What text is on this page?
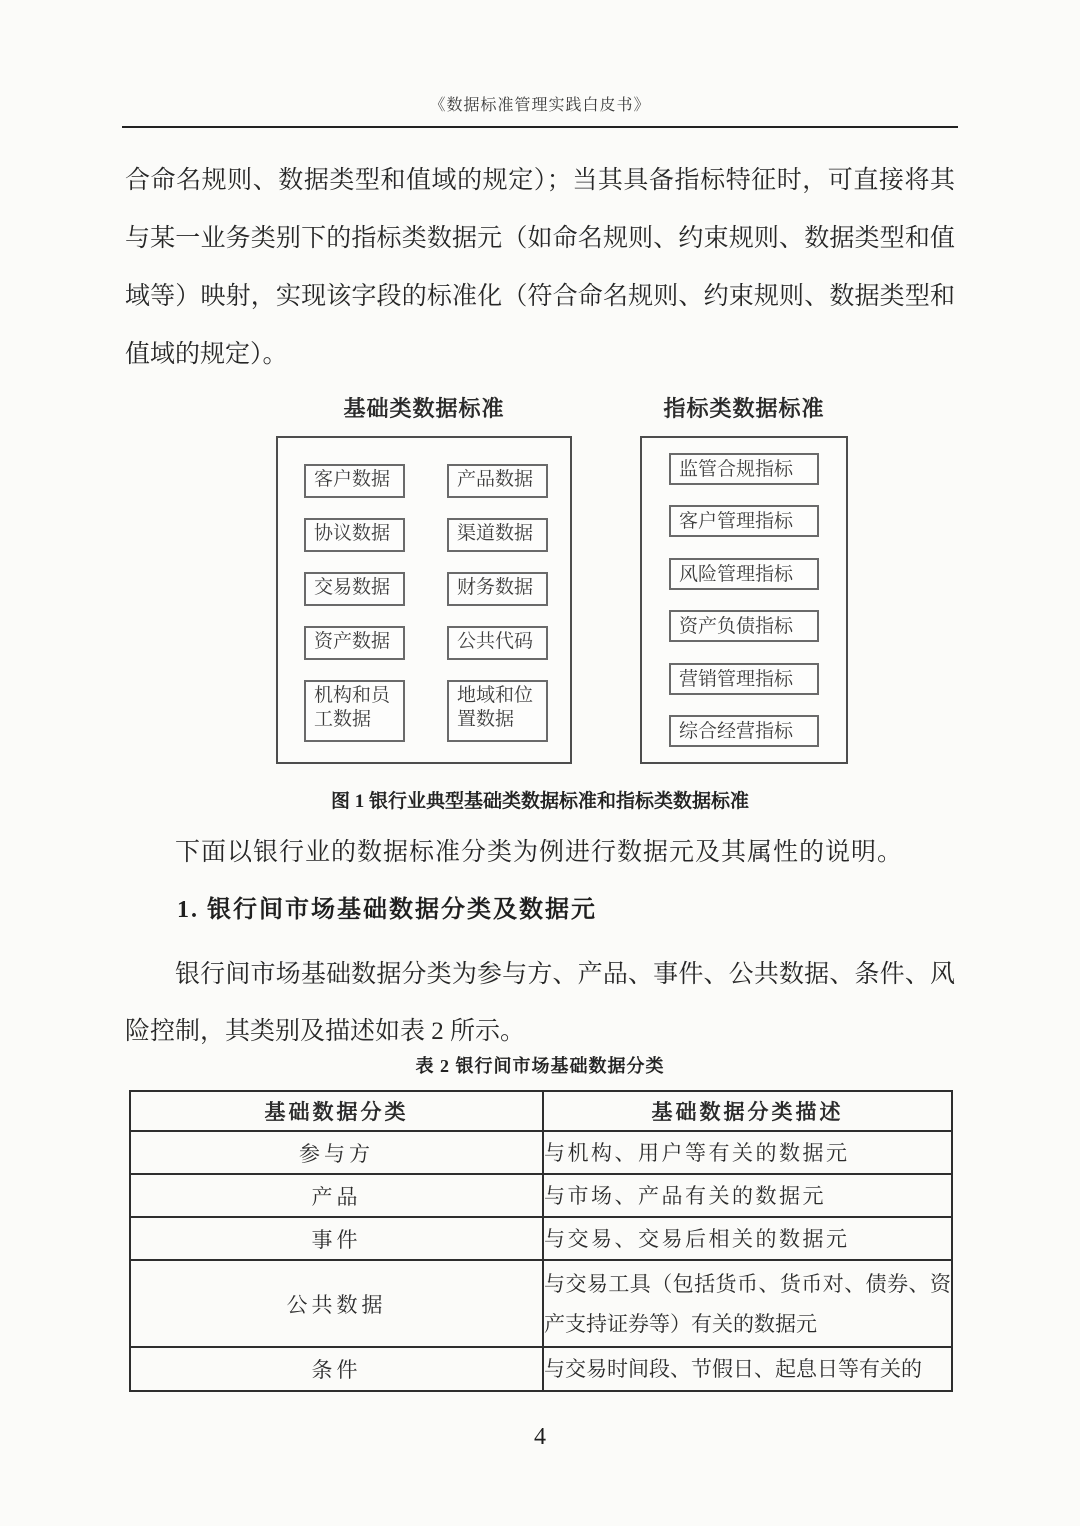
《数据标准管理实践白皮书》
合命名规则、数据类型和值域的规定）；当其具备指标特征时，可直接将其
与某一业务类别下的指标类数据元（如命名规则、约束规则、数据类型和值
域等）映射，实现该字段的标准化（符合命名规则、约束规则、数据类型和
值域的规定）。
基础类数据标准	指标类数据标准
客户数据	产品数据
协议数据	渠道数据
交易数据	财务数据
资产数据	公共代码
机构和员工数据
地域和位置数据
监管合规指标
客户管理指标
风险管理指标
资产负债指标
营销管理指标
综合经营指标
图 1 银行业典型基础类数据标准和指标类数据标准
下面以银行业的数据标准分类为例进行数据元及其属性的说明。
1. 银行间市场基础数据分类及数据元
银行间市场基础数据分类为参与方、产品、事件、公共数据、条件、风
险控制，其类别及描述如表 2 所示。
表 2 银行间市场基础数据分类
基础数据分类	基础数据分类描述
参与方	与机构、用户等有关的数据元
产品	与市场、产品有关的数据元
事件	与交易、交易后相关的数据元
公共数据	与交易工具（包括货币、货币对、债券、资产支持证券等）有关的数据元
条件	与交易时间段、节假日、起息日等有关的
4
